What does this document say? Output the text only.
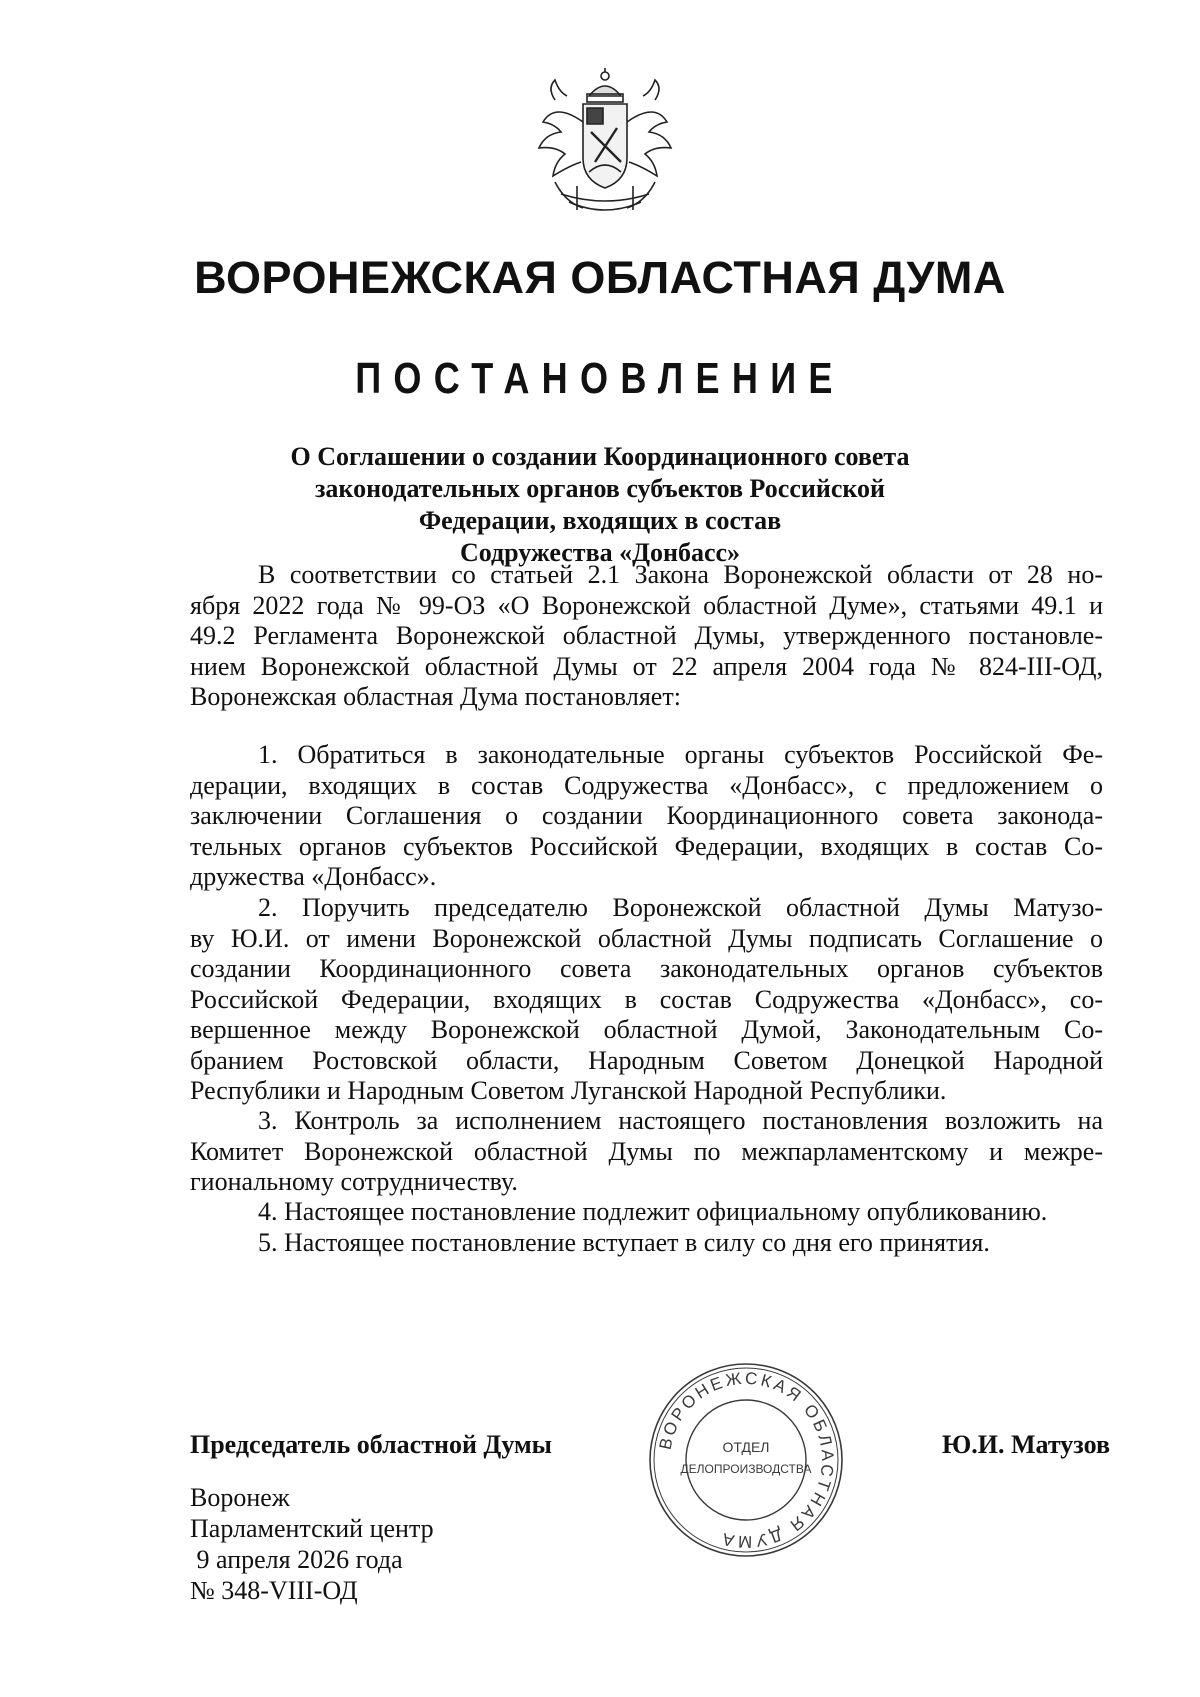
ВОРОНЕЖСКАЯ ОБЛАСТНАЯ ДУМА
ПОСТАНОВЛЕНИЕ
О Соглашении о создании Координационного совета
законодательных органов субъектов Российской
Федерации, входящих в состав
Содружества «Донбасс»
В соответствии со статьей 2.1 Закона Воронежской области от 28 но-
ября 2022 года № 99-ОЗ «О Воронежской областной Думе», статьями 49.1 и
49.2 Регламента Воронежской областной Думы, утвержденного постановле-
нием Воронежской областной Думы от 22 апреля 2004 года № 824-III-ОД,
Воронежская областная Дума постановляет:
1. Обратиться в законодательные органы субъектов Российской Фе-
дерации, входящих в состав Содружества «Донбасс», с предложением о
заключении Соглашения о создании Координационного совета законода-
тельных органов субъектов Российской Федерации, входящих в состав Со-
дружества «Донбасс».
2. Поручить председателю Воронежской областной Думы Матузо-
ву Ю.И. от имени Воронежской областной Думы подписать Соглашение о
создании Координационного совета законодательных органов субъектов
Российской Федерации, входящих в состав Содружества «Донбасс», со-
вершенное между Воронежской областной Думой, Законодательным Со-
бранием Ростовской области, Народным Советом Донецкой Народной
Республики и Народным Советом Луганской Народной Республики.
3. Контроль за исполнением настоящего постановления возложить на
Комитет Воронежской областной Думы по межпарламентскому и межре-
гиональному сотрудничеству.
4. Настоящее постановление подлежит официальному опубликованию.
5. Настоящее постановление вступает в силу со дня его принятия.
ВОРОНЕЖСКАЯ ОБЛАСТНАЯ ДУМА
ОТДЕЛ
ДЕЛОПРОИЗВОДСТВА
Председатель областной Думы	Ю.И. Матузов
Воронеж
Парламентский центр
9 апреля 2026 года
№ 348-VIII-ОД
